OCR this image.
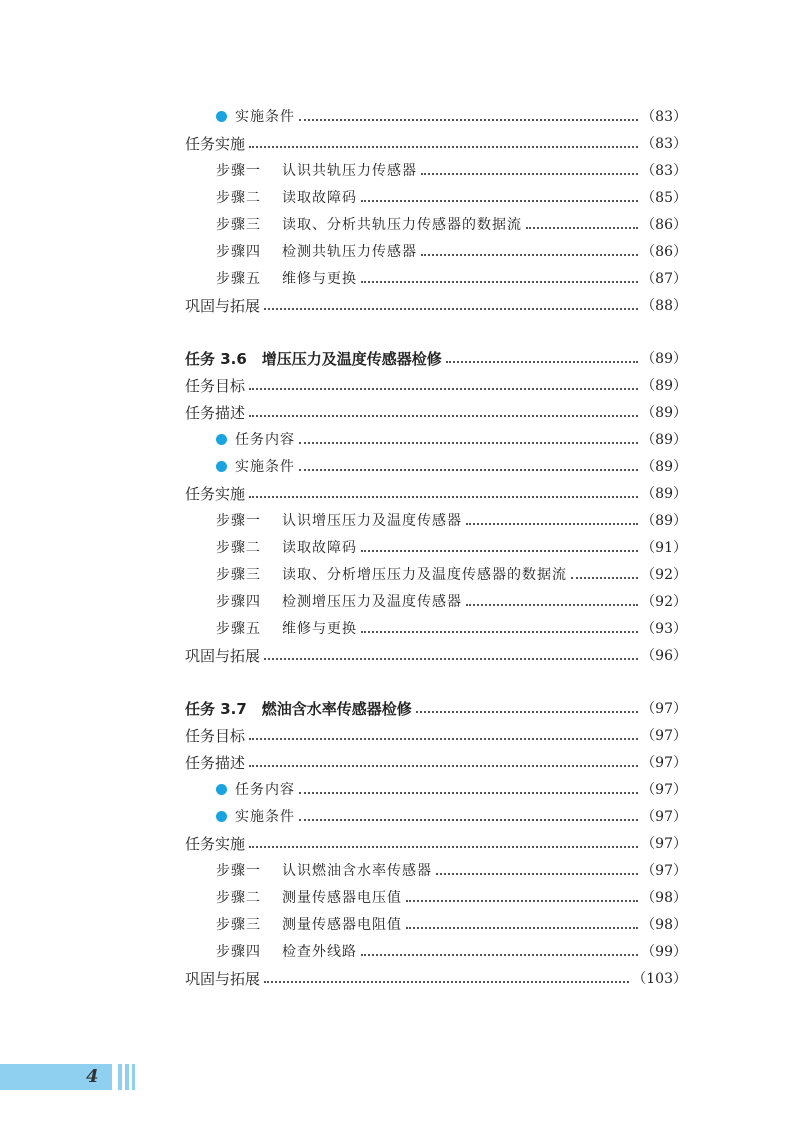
实施条件	（83）
任务实施	（83）
步骤一 认识共轨压力传感器	（83）
步骤二 读取故障码	（85）
步骤三 读取、分析共轨压力传感器的数据流	（86）
步骤四 检测共轨压力传感器	（86）
步骤五 维修与更换	（87）
巩固与拓展	（88）
任务 3.6　增压压力及温度传感器检修	（89）
任务目标	（89）
任务描述	（89）
任务内容	（89）
实施条件	（89）
任务实施	（89）
步骤一 认识增压压力及温度传感器	（89）
步骤二 读取故障码	（91）
步骤三 读取、分析增压压力及温度传感器的数据流	（92）
步骤四 检测增压压力及温度传感器	（92）
步骤五 维修与更换	（93）
巩固与拓展	（96）
任务 3.7　燃油含水率传感器检修	（97）
任务目标	（97）
任务描述	（97）
任务内容	（97）
实施条件	（97）
任务实施	（97）
步骤一 认识燃油含水率传感器	（97）
步骤二 测量传感器电压值	（98）
步骤三 测量传感器电阻值	（98）
步骤四 检查外线路	（99）
巩固与拓展	（103）
4
